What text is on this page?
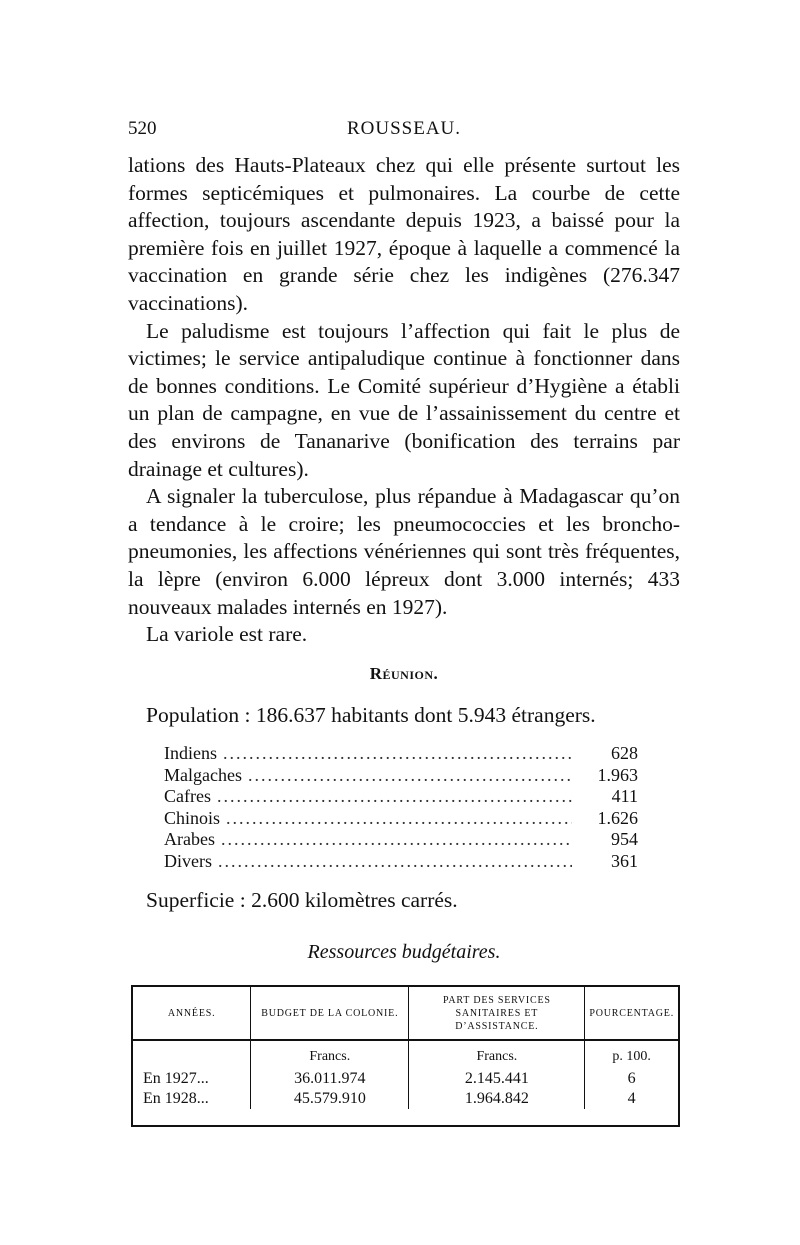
520	ROUSSEAU.

lations des Hauts-Plateaux chez qui elle présente surtout les formes septicémiques et pulmonaires. La courbe de cette affection, toujours ascendante depuis 1923, a baissé pour la première fois en juillet 1927, époque à laquelle a commencé la vaccination en grande série chez les indigènes (276.347 vaccinations).

Le paludisme est toujours l’affection qui fait le plus de victimes; le service antipaludique continue à fonctionner dans de bonnes conditions. Le Comité supérieur d’Hygiène a établi un plan de campagne, en vue de l’assainissement du centre et des environs de Tananarive (bonification des terrains par drainage et cultures).

A signaler la tuberculose, plus répandue à Madagascar qu’on a tendance à le croire; les pneumococcies et les broncho-pneumonies, les affections vénériennes qui sont très fréquentes, la lèpre (environ 6.000 lépreux dont 3.000 internés; 433 nouveaux malades internés en 1927).

La variole est rare.

Réunion.
Population : 186.637 habitants dont 5.943 étrangers.
Indiens .....	628
Malgaches .....	1.963
Cafres .....	411
Chinois .....	1.626
Arabes .....	954
Divers .....	361
Superficie : 2.600 kilomètres carrés.
Ressources budgétaires.
ANNÉES.	BUDGET DE LA COLONIE.	PART DES SERVICES SANITAIRES ET D’ASSISTANCE.	POURCENTAGE.
	Francs.	Francs.	p. 100.
En 1927...	36.011.974	2.145.441	6
En 1928...	45.579.910	1.964.842	4
